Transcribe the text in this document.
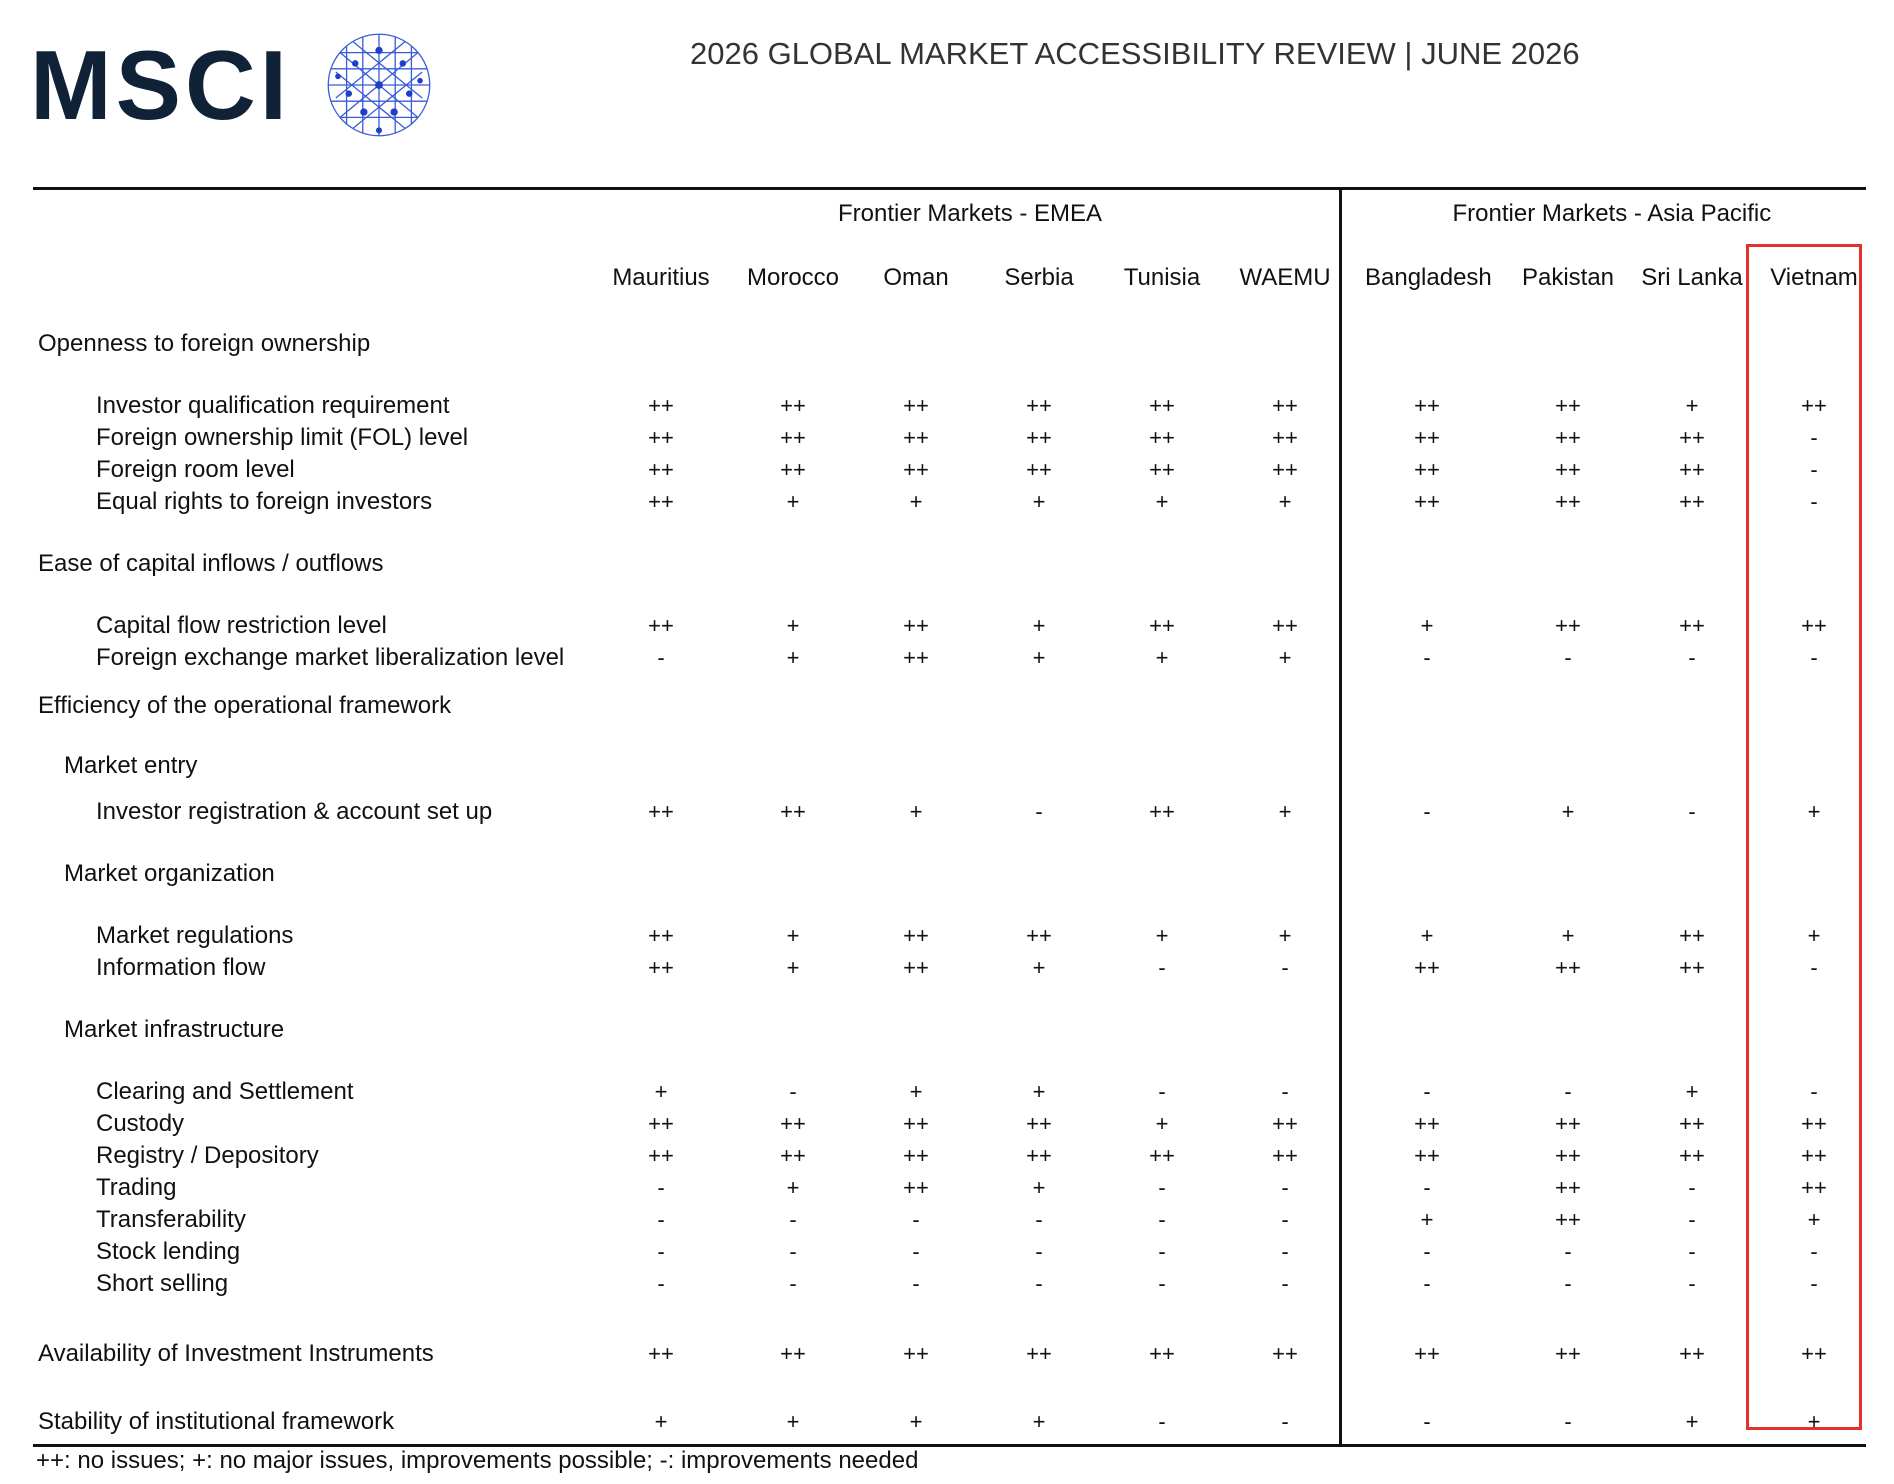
MSCI	2026 GLOBAL MARKET ACCESSIBILITY REVIEW | JUNE 2026
Frontier Markets - EMEA	Frontier Markets - Asia Pacific
Mauritius	Morocco	Oman	Serbia	Tunisia	WAEMU	Bangladesh	Pakistan	Sri Lanka	Vietnam
Openness to foreign ownership
Investor qualification requirement	++	++	++	++	++	++	++	++	+	++
Foreign ownership limit (FOL) level	++	++	++	++	++	++	++	++	++	-
Foreign room level	++	++	++	++	++	++	++	++	++	-
Equal rights to foreign investors	++	+	+	+	+	+	++	++	++	-
Ease of capital inflows / outflows
Capital flow restriction level	++	+	++	+	++	++	+	++	++	++
Foreign exchange market liberalization level	-	+	++	+	+	+	-	-	-	-
Efficiency of the operational framework
Market entry
Investor registration & account set up	++	++	+	-	++	+	-	+	-	+
Market organization
Market regulations	++	+	++	++	+	+	+	+	++	+
Information flow	++	+	++	+	-	-	++	++	++	-
Market infrastructure
Clearing and Settlement	+	-	+	+	-	-	-	-	+	-
Custody	++	++	++	++	+	++	++	++	++	++
Registry / Depository	++	++	++	++	++	++	++	++	++	++
Trading	-	+	++	+	-	-	-	++	-	++
Transferability	-	-	-	-	-	-	+	++	-	+
Stock lending	-	-	-	-	-	-	-	-	-	-
Short selling	-	-	-	-	-	-	-	-	-	-
Availability of Investment Instruments	++	++	++	++	++	++	++	++	++	++
Stability of institutional framework	+	+	+	+	-	-	-	-	+	+
++: no issues; +: no major issues, improvements possible; -: improvements needed
